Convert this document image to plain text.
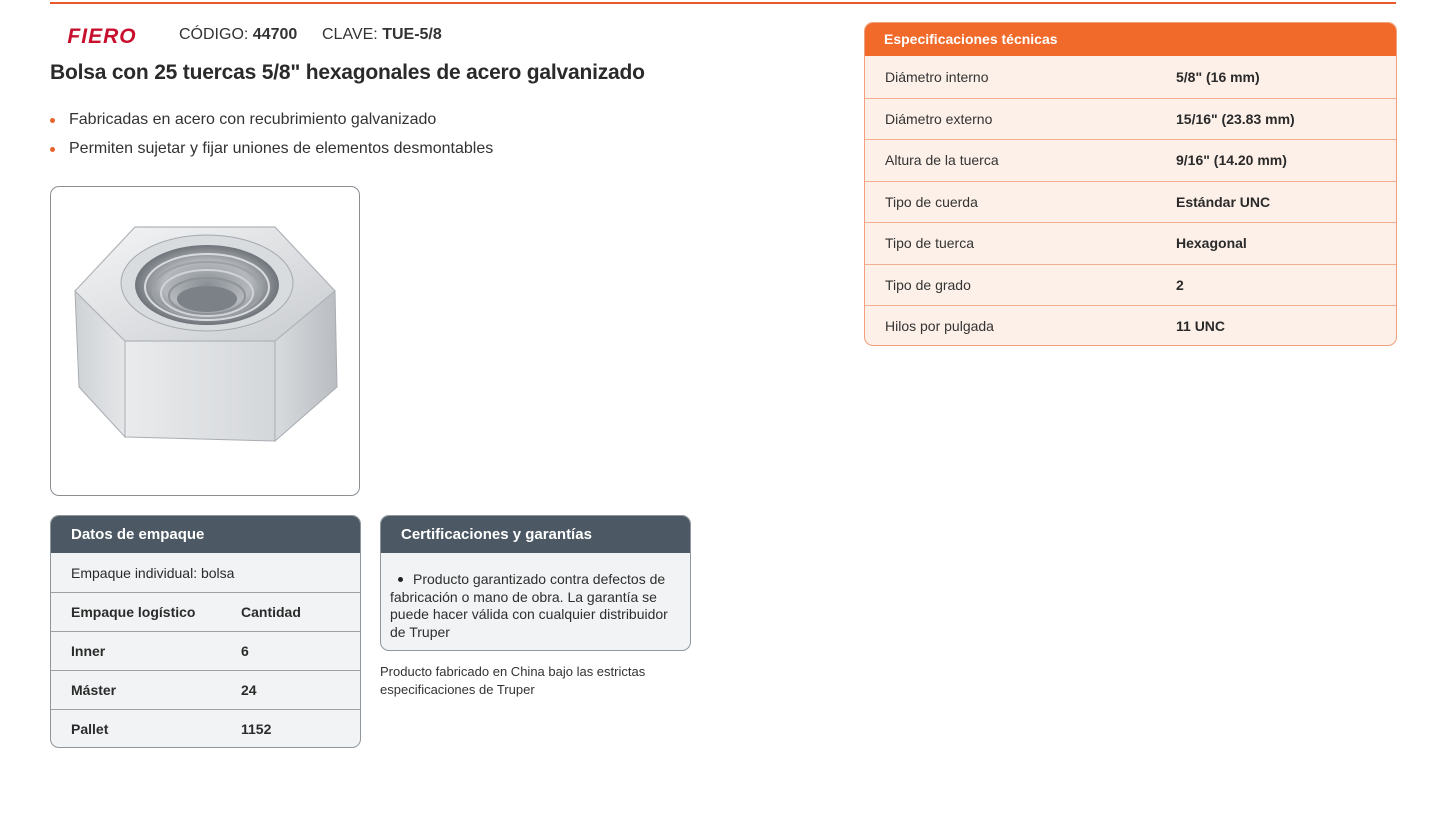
FIERO	CÓDIGO: 44700 CLAVE: TUE-5/8
Bolsa con 25 tuercas 5/8" hexagonales de acero galvanizado
Fabricadas en acero con recubrimiento galvanizado
Permiten sujetar y fijar uniones de elementos desmontables
Datos de empaque
Empaque individual: bolsa
Empaque logístico	Cantidad
Inner	6
Máster	24
Pallet	1152
Certificaciones y garantías
Producto garantizado contra defectos de fabricación o mano de obra. La garantía se puede hacer válida con cualquier distribuidor de Truper
Producto fabricado en China bajo las estrictas especificaciones de Truper
Especificaciones técnicas
Diámetro interno	5/8" (16 mm)
Diámetro externo	15/16" (23.83 mm)
Altura de la tuerca	9/16" (14.20 mm)
Tipo de cuerda	Estándar UNC
Tipo de tuerca	Hexagonal
Tipo de grado	2
Hilos por pulgada	11 UNC
